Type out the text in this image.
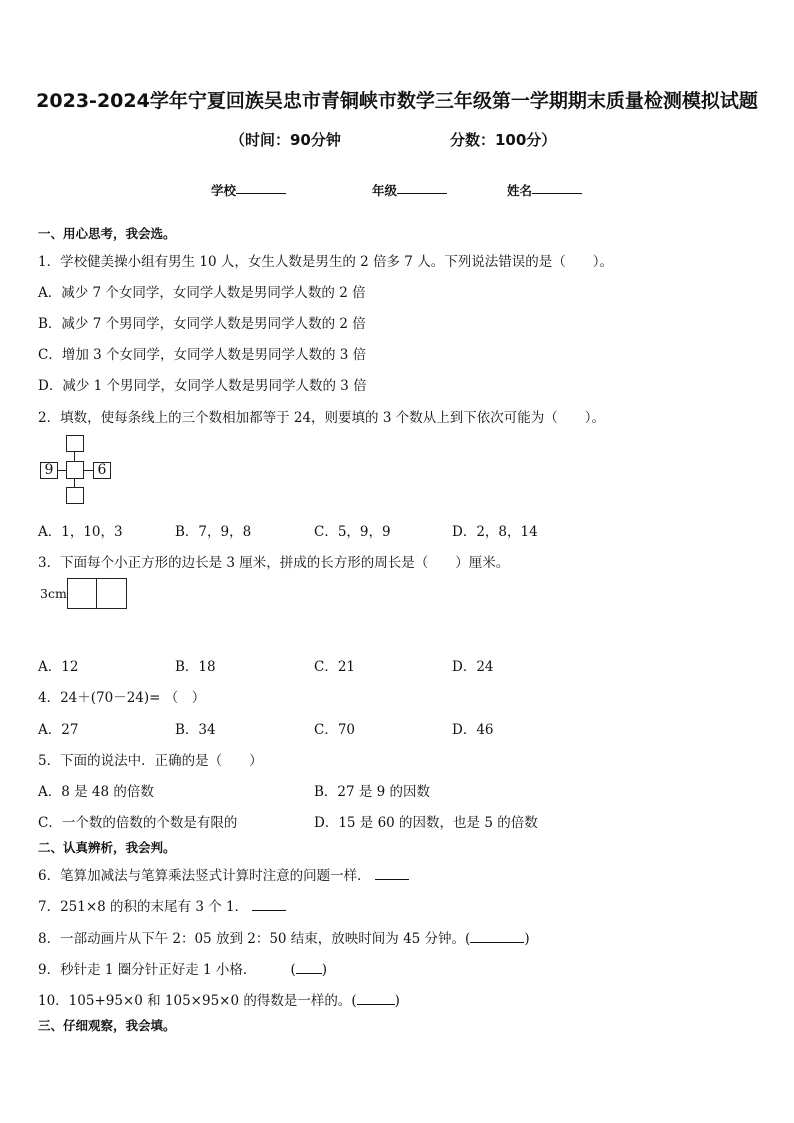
2023-2024学年宁夏回族吴忠市青铜峡市数学三年级第一学期期末质量检测模拟试题
（时间：90分钟	分数：100分）
学校	年级	姓名
一、用心思考，我会选。
1．学校健美操小组有男生 10 人，女生人数是男生的 2 倍多 7 人。下列说法错误的是（　　）。
A．减少 7 个女同学，女同学人数是男同学人数的 2 倍
B．减少 7 个男同学，女同学人数是男同学人数的 2 倍
C．增加 3 个女同学，女同学人数是男同学人数的 3 倍
D．减少 1 个男同学，女同学人数是男同学人数的 3 倍
2．填数，使每条线上的三个数相加都等于 24，则要填的 3 个数从上到下依次可能为（　　）。
9	6
A．1，10，3	B．7，9，8	C．5，9，9	D．2，8，14
3．下面每个小正方形的边长是 3 厘米，拼成的长方形的周长是（　　）厘米。
3cm
A．12	B．18	C．21	D．24
4．24＋(70－24)= （　）
A．27	B．34	C．70	D．46
5．下面的说法中．正确的是（　　）
A．8 是 48 的倍数	B．27 是 9 的因数
C．一个数的倍数的个数是有限的	D．15 是 60 的因数，也是 5 的倍数
二、认真辨析，我会判。
6．笔算加减法与笔算乘法竖式计算时注意的问题一样．
7．251×8 的积的末尾有 3 个 1．
8．一部动画片从下午 2：05 放到 2：50 结束，放映时间为 45 分钟。(	)
9．秒针走 1 圈分针正好走 1 小格．	( )
10．105+95×0 和 105×95×0 的得数是一样的。(	)
三、仔细观察，我会填。
